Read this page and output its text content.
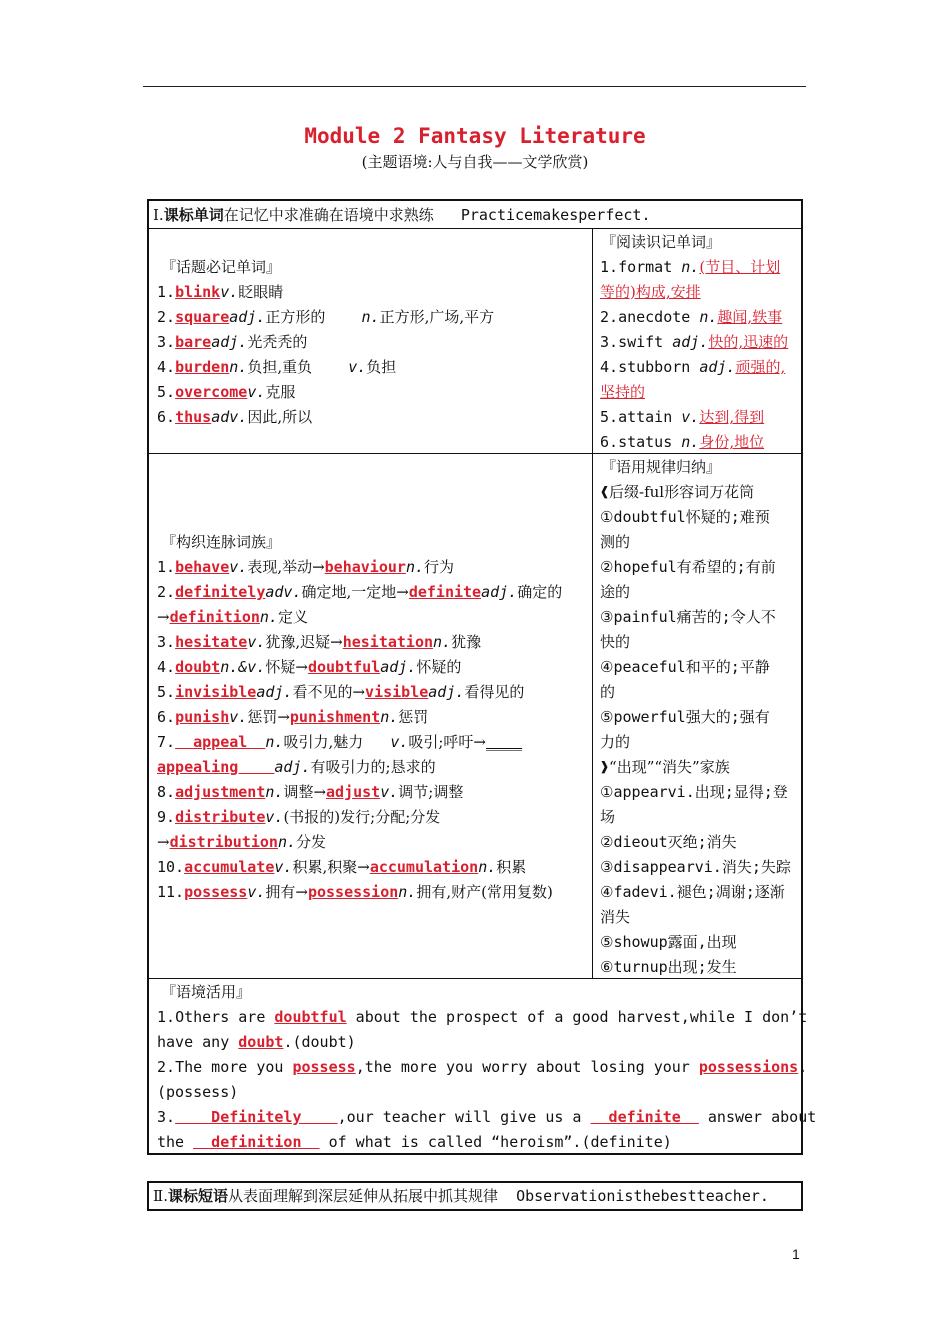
Module 2 Fantasy Literature
(主题语境:人与自我——文学欣赏)
Ⅰ.课标单词在记忆中求准确在语境中求熟练 Practicemakesperfect.
『话题必记单词』
1.blinkv.眨眼睛
2.squareadj.正方形的 n.正方形,广场,平方
3.bareadj.光秃秃的
4.burdenn.负担,重负 v.负担
5.overcomev.克服
6.thusadv.因此,所以
『阅读识记单词』
1.format n.(节目、计划
等的)构成,安排
2.anecdote n.趣闻,轶事
3.swift adj.快的,迅速的
4.stubborn adj.顽强的,
坚持的
5.attain v.达到,得到
6.status n.身份,地位
『构织连脉词族』
1.behavev.表现,举动→behaviourn.行为
2.definitelyadv.确定地,一定地→definiteadj.确定的
→definitionn.定义
3.hesitatev.犹豫,迟疑→hesitationn.犹豫
4.doubtn.&v.怀疑→doubtfuladj.怀疑的
5.invisibleadj.看不见的→visibleadj.看得见的
6.punishv.惩罚→punishmentn.惩罚
7.  appeal  n.吸引力,魅力 v.吸引;呼吁→____
appealing    adj.有吸引力的;恳求的
8.adjustmentn.调整→adjustv.调节;调整
9.distributev.(书报的)发行;分配;分发
→distributionn.分发
10.accumulatev.积累,积聚→accumulationn.积累
11.possessv.拥有→possessionn.拥有,财产(常用复数)
『语用规律归纳』
❰后缀-ful形容词万花筒
①doubtful怀疑的;难预
测的
②hopeful有希望的;有前
途的
③painful痛苦的;令人不
快的
④peaceful和平的;平静
的
⑤powerful强大的;强有
力的
❱“出现”“消失”家族
①appearvi.出现;显得;登
场
②dieout灭绝;消失
③disappearvi.消失;失踪
④fadevi.褪色;凋谢;逐渐
消失
⑤showup露面,出现
⑥turnup出现;发生
『语境活用』
1.Others are doubtful about the prospect of a good harvest,while I don’t
have any doubt.(doubt)
2.The more you possess,the more you worry about losing your possessions.
(possess)
3.    Definitely    ,our teacher will give us a   definite   answer about
the   definition   of what is called “heroism”.(definite)
Ⅱ.课标短语从表面理解到深层延伸从拓展中抓其规律 Observationisthebestteacher.
1
